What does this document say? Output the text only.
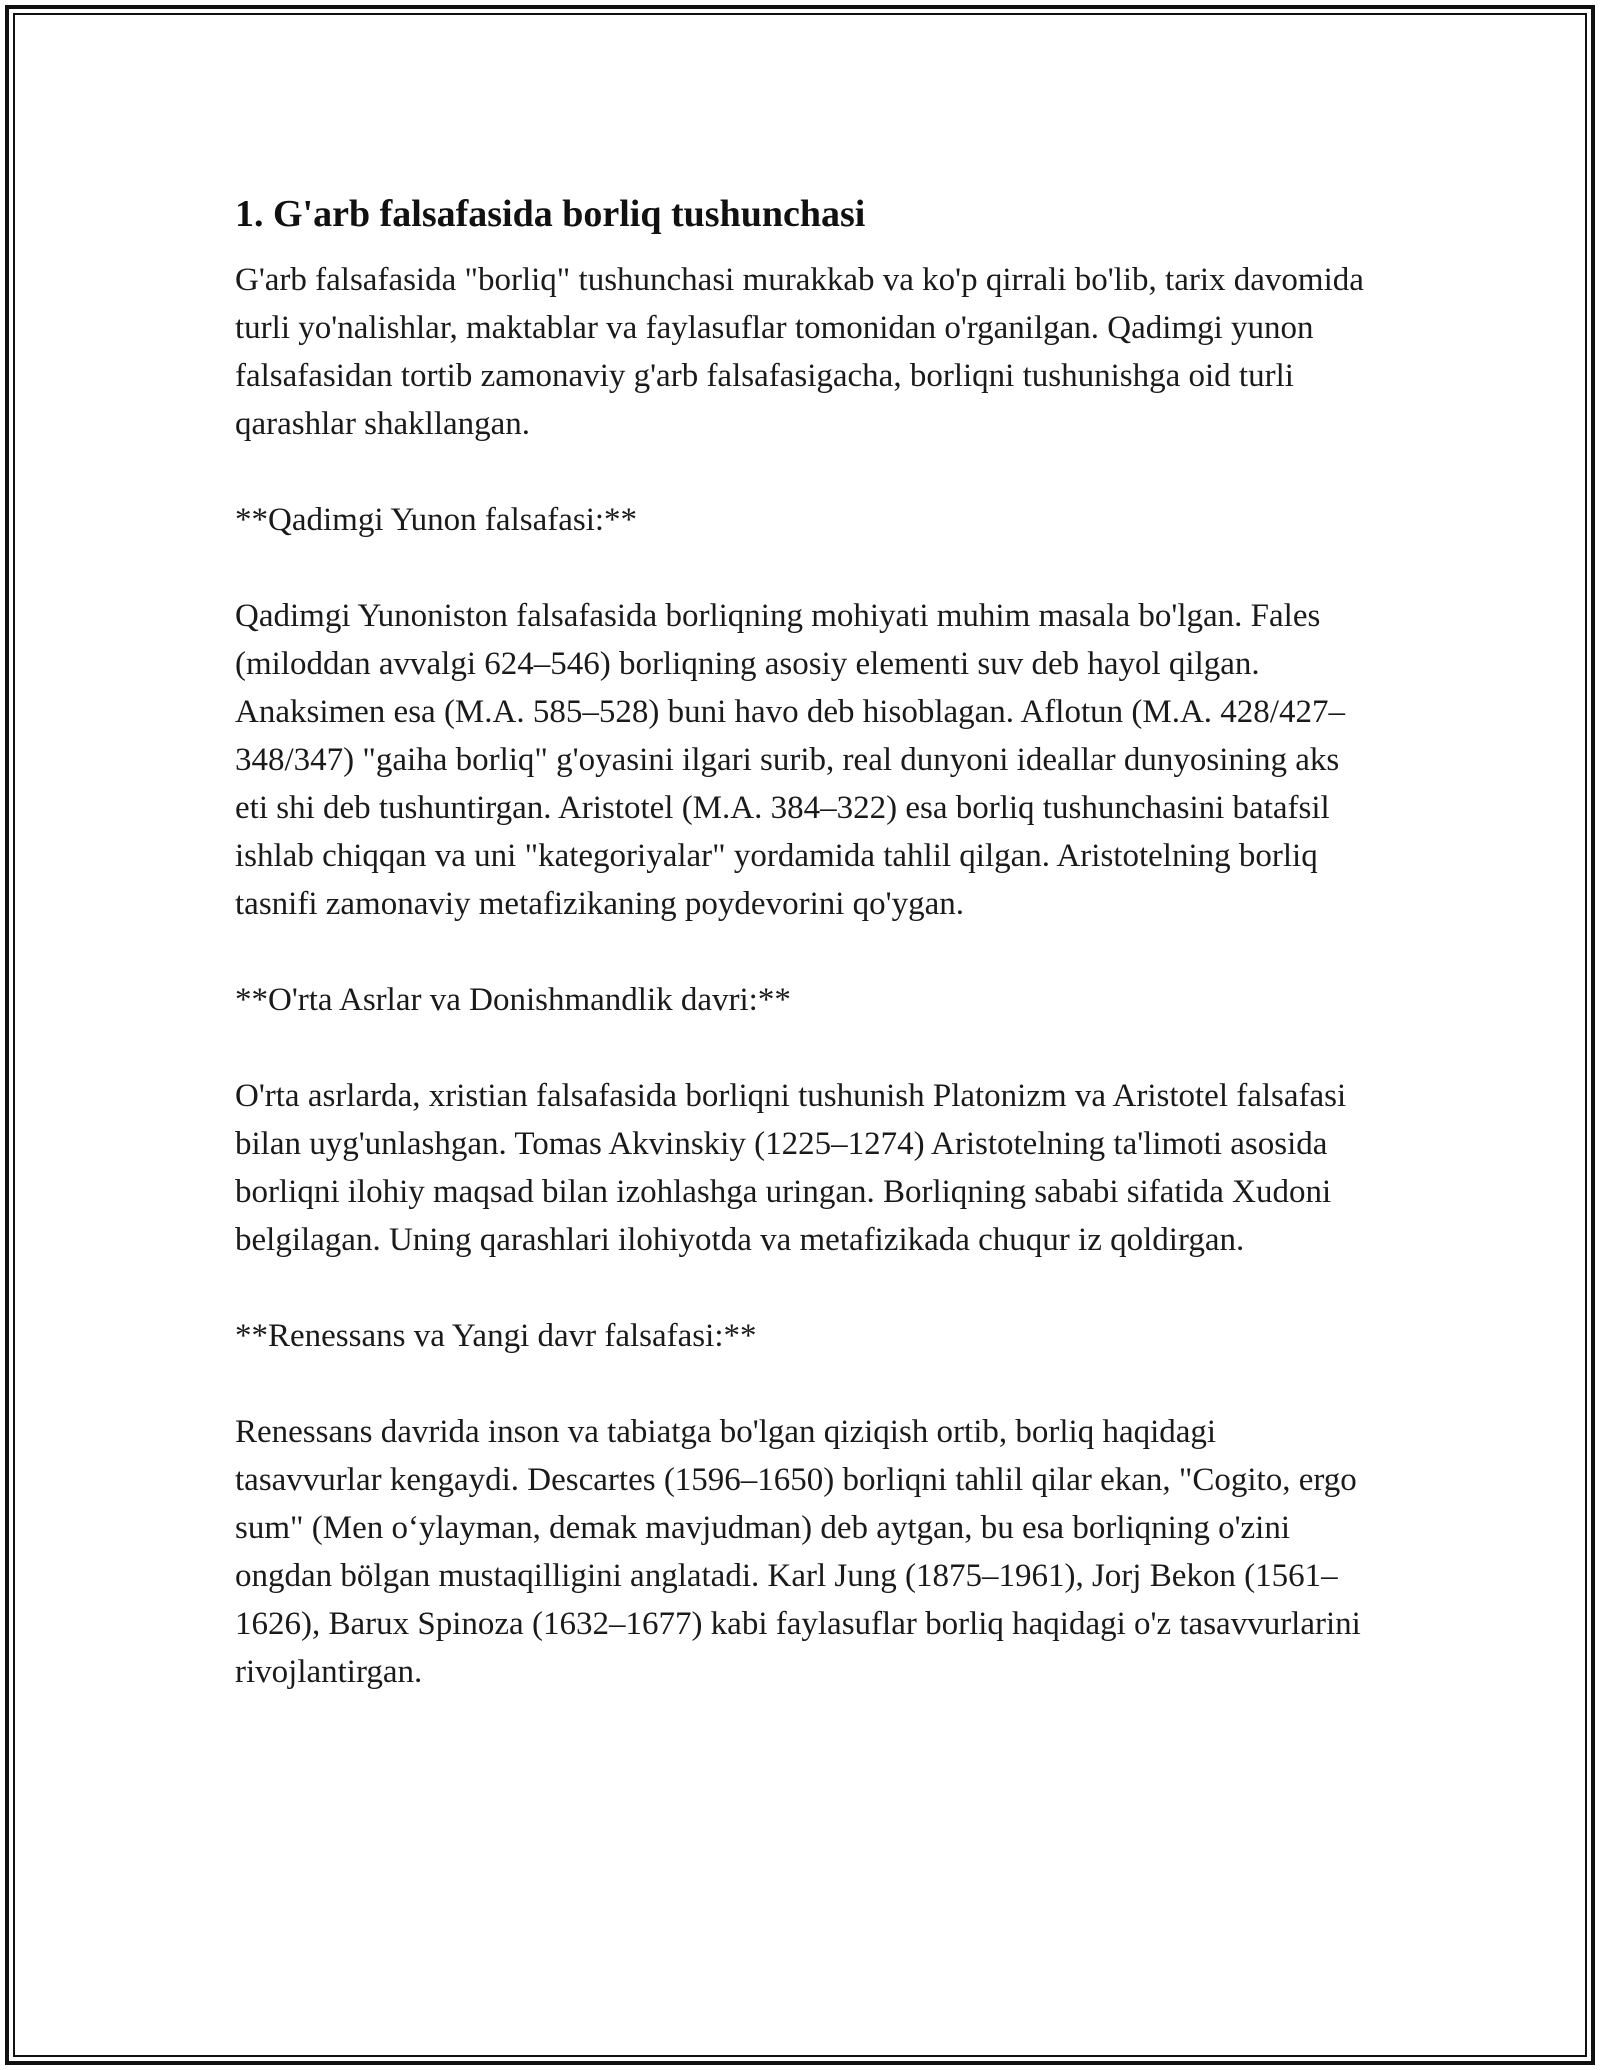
1. G'arb falsafasida borliq tushunchasi

G'arb falsafasida "borliq" tushunchasi murakkab va ko'p qirrali bo'lib, tarix davomida turli yo'nalishlar, maktablar va faylasuflar tomonidan o'rganilgan. Qadimgi yunon falsafasidan tortib zamonaviy g'arb falsafasigacha, borliqni tushunishga oid turli qarashlar shakllangan.

**Qadimgi Yunon falsafasi:**

Qadimgi Yunoniston falsafasida borliqning mohiyati muhim masala bo'lgan. Fales (miloddan avvalgi 624–546) borliqning asosiy elementi suv deb hayol qilgan. Anaksimen esa (M.A. 585–528) buni havo deb hisoblagan. Aflotun (M.A. 428/427–348/347) "gaiha borliq" g'oyasini ilgari surib, real dunyoni ideallar dunyosining aks eti shi deb tushuntirgan. Aristotel (M.A. 384–322) esa borliq tushunchasini batafsil ishlab chiqqan va uni "kategoriyalar" yordamida tahlil qilgan. Aristotelning borliq tasnifi zamonaviy metafizikaning poydevorini qo'ygan.

**O'rta Asrlar va Donishmandlik davri:**

O'rta asrlarda, xristian falsafasida borliqni tushunish Platonizm va Aristotel falsafasi bilan uyg'unlashgan. Tomas Akvinskiy (1225–1274) Aristotelning ta'limoti asosida borliqni ilohiy maqsad bilan izohlashga uringan. Borliqning sababi sifatida Xudoni belgilagan. Uning qarashlari ilohiyotda va metafizikada chuqur iz qoldirgan.

**Renessans va Yangi davr falsafasi:**

Renessans davrida inson va tabiatga bo'lgan qiziqish ortib, borliq haqidagi tasavvurlar kengaydi. Descartes (1596–1650) borliqni tahlil qilar ekan, "Cogito, ergo sum" (Men o‘ylayman, demak mavjudman) deb aytgan, bu esa borliqning o'zini ongdan bölgan mustaqilligini anglatadi. Karl Jung (1875–1961), Jorj Bekon (1561–1626), Barux Spinoza (1632–1677) kabi faylasuflar borliq haqidagi o'z tasavvurlarini rivojlantirgan.
